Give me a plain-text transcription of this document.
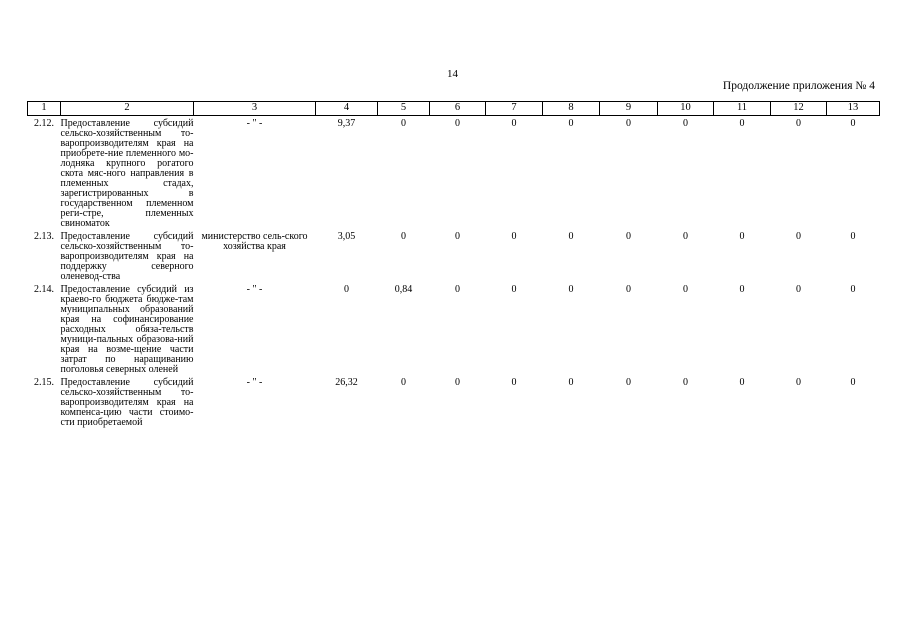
14
Продолжение приложения № 4
1	2	3	4	5	6	7	8	9	10	11	12	13
2.12.	Предоставление субсидий сельско-хозяйственным то-варопроизводителям края на приобрете-ние племенного мо-лодняка крупного рогатого скота мяс-ного направления в племенных стадах, зарегистрированных в государственном племенном реги-стре, племенных свиноматок	- " -	9,37	0	0	0	0	0	0	0	0	0
2.13.	Предоставление субсидий сельско-хозяйственным то-варопроизводителям края на поддержку северного оленевод-ства	министерство сель-ского хозяйства края	3,05	0	0	0	0	0	0	0	0	0
2.14.	Предоставление субсидий из краево-го бюджета бюдже-там муниципальных образований края на софинансирование расходных обяза-тельств муници-пальных образова-ний края на возме-щение части затрат по наращиванию поголовья северных оленей	- " -	0	0,84	0	0	0	0	0	0	0	0
2.15.	Предоставление субсидий сельско-хозяйственным то-варопроизводителям края на компенса-цию части стоимо-сти приобретаемой	- " -	26,32	0	0	0	0	0	0	0	0	0
